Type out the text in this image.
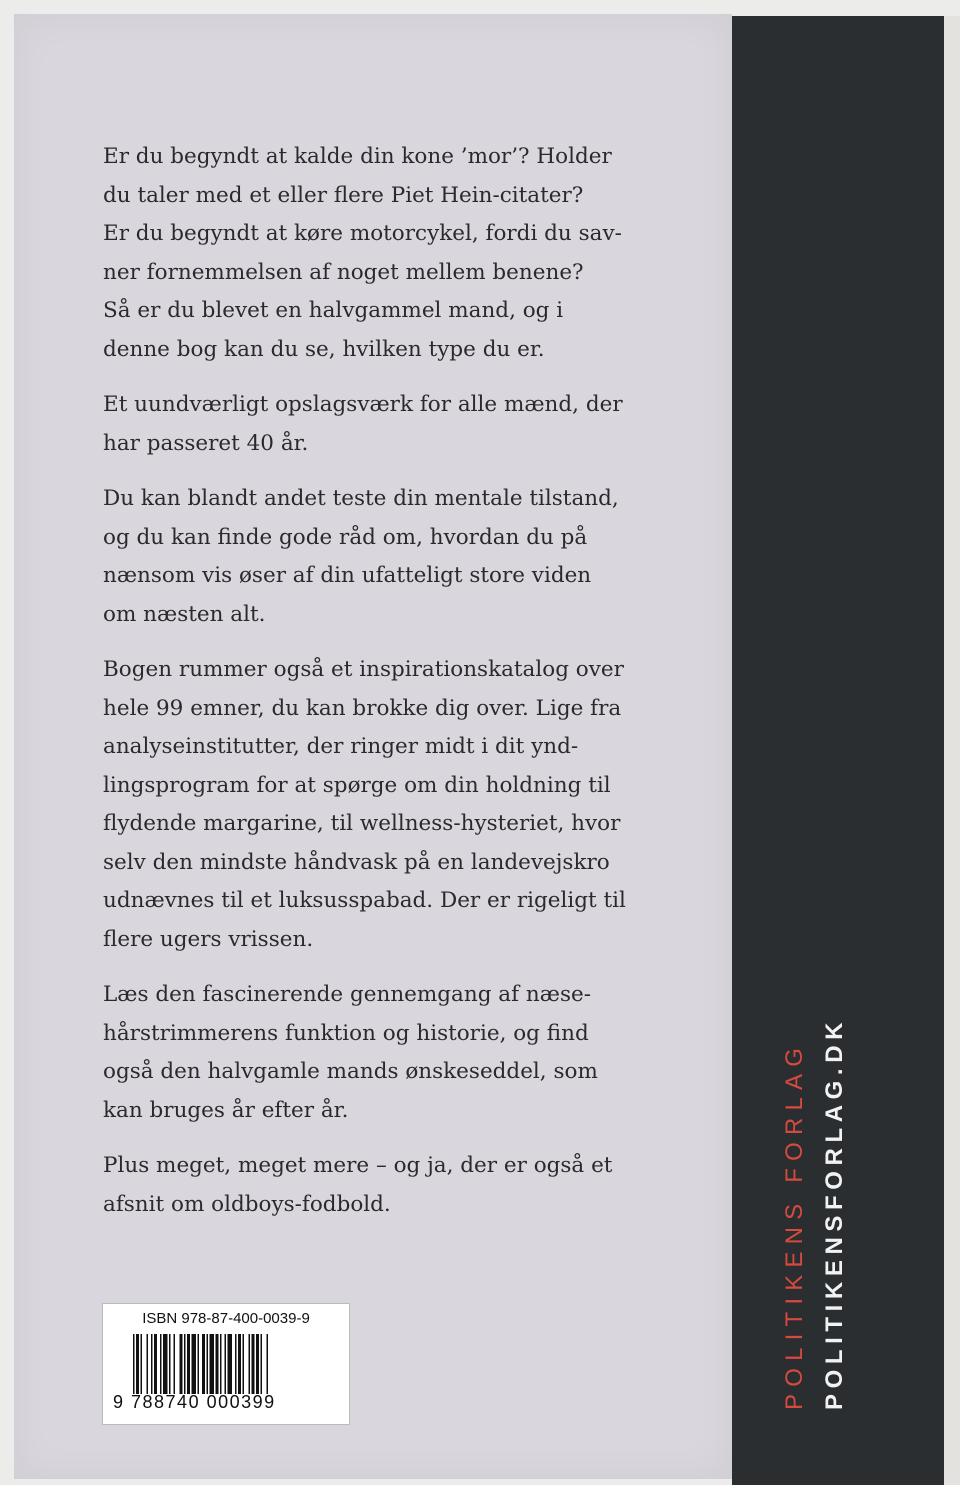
Er du begyndt at kalde din kone ’mor’? Holder
du taler med et eller flere Piet Hein-citater?
Er du begyndt at køre motorcykel, fordi du sav-
ner fornemmelsen af noget mellem benene?
Så er du blevet en halvgammel mand, og i
denne bog kan du se, hvilken type du er.

Et uundværligt opslagsværk for alle mænd, der
har passeret 40 år.

Du kan blandt andet teste din mentale tilstand,
og du kan finde gode råd om, hvordan du på
nænsom vis øser af din ufatteligt store viden
om næsten alt.

Bogen rummer også et inspirationskatalog over
hele 99 emner, du kan brokke dig over. Lige fra
analyseinstitutter, der ringer midt i dit ynd-
lingsprogram for at spørge om din holdning til
flydende margarine, til wellness-hysteriet, hvor
selv den mindste håndvask på en landevejskro
udnævnes til et luksusspabad. Der er rigeligt til
flere ugers vrissen.

Læs den fascinerende gennemgang af næse-
hårstrimmerens funktion og historie, og find
også den halvgamle mands ønskeseddel, som
kan bruges år efter år.

Plus meget, meget mere – og ja, der er også et
afsnit om oldboys-fodbold.

ISBN 978-87-400-0039-9
9 788740 000399	POLITIKENS FORLAG POLITIKENSFORLAG.DK
